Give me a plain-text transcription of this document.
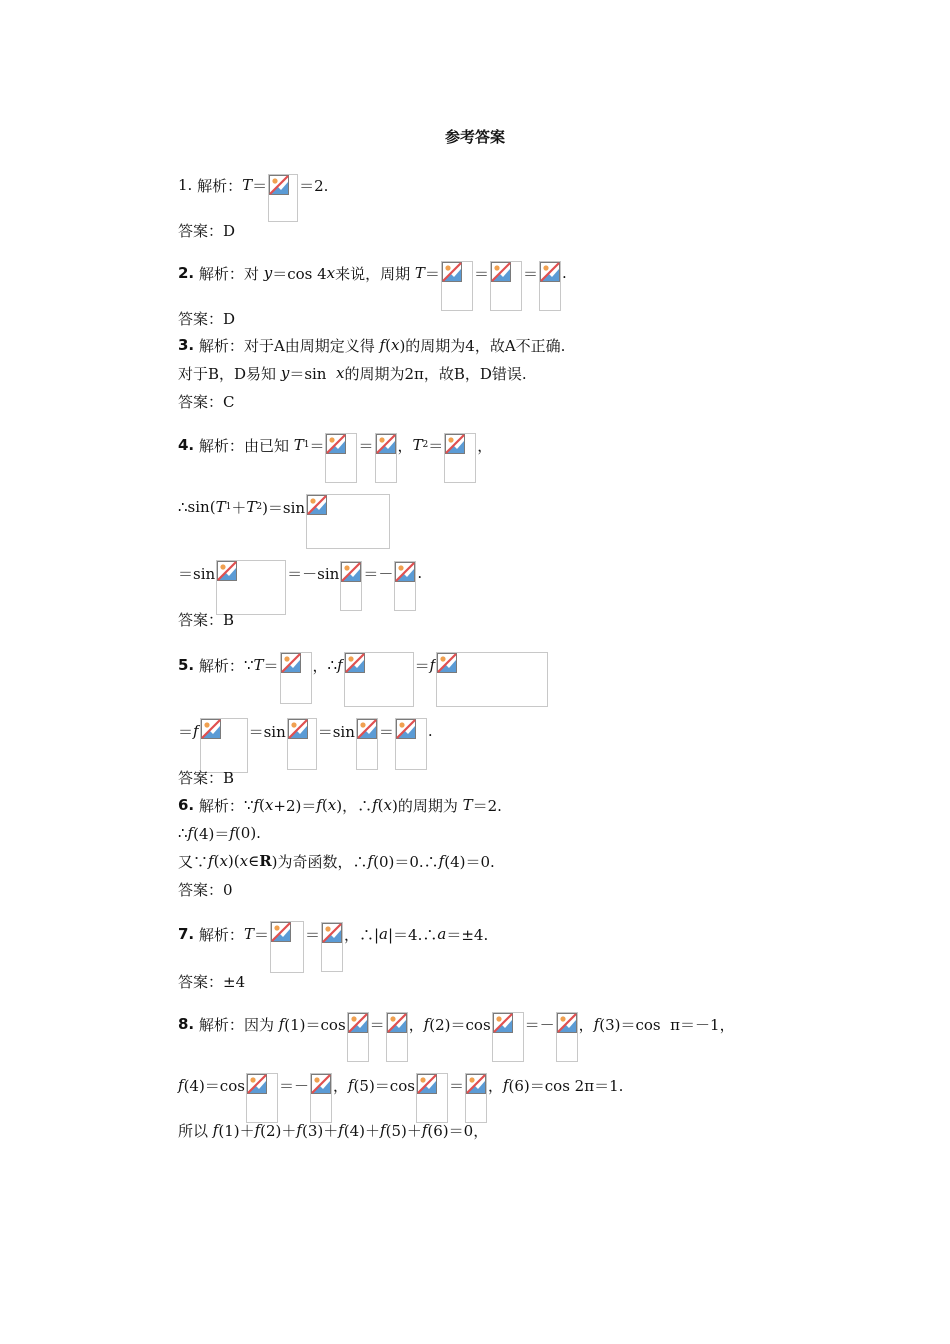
参考答案
1.
解析： T ＝ ＝2.
答案：D
2.
解析： 对 y ＝cos 4 x 来说，周期 T ＝ ＝ ＝ .
答案：D
3.
解析： 对于A由周期定义得 f ( x )的周期为4，故A不正确.
对于B，D易知 y ＝sin x 的周期为2π，故B，D错误.
答案：C
4.
解析： 由已知 T 1 ＝ ＝ ， T 2 ＝ ，
∴sin( T 1 ＋ T 2 )＝sin
＝sin	＝－sin ＝－ .
答案：B
5.
解析： ∵ T ＝ ， ∴ f	＝ f
＝ f	＝sin ＝sin ＝ .
答案：B
6.
解析： ∵ f ( x +2)＝ f ( x )，∴ f ( x )的周期为 T ＝2.
∴ f (4)＝ f (0).
又∵ f ( x )( x ∈ R )为奇函数，∴ f (0)＝0.∴ f (4)＝0.
答案：0
7.
解析： T ＝ ＝ ，∴| a |＝4.∴ a ＝±4.
答案：±4
8.
解析： 因为 f (1)＝cos ＝ ， f (2)＝cos ＝－ ， f (3)＝cos  π＝－1，
f (4)＝cos ＝－ ， f (5)＝cos ＝ ， f (6)＝cos 2π＝1.
所以 f (1)＋ f (2)＋ f (3)＋ f (4)＋ f (5)＋ f (6)＝0，
